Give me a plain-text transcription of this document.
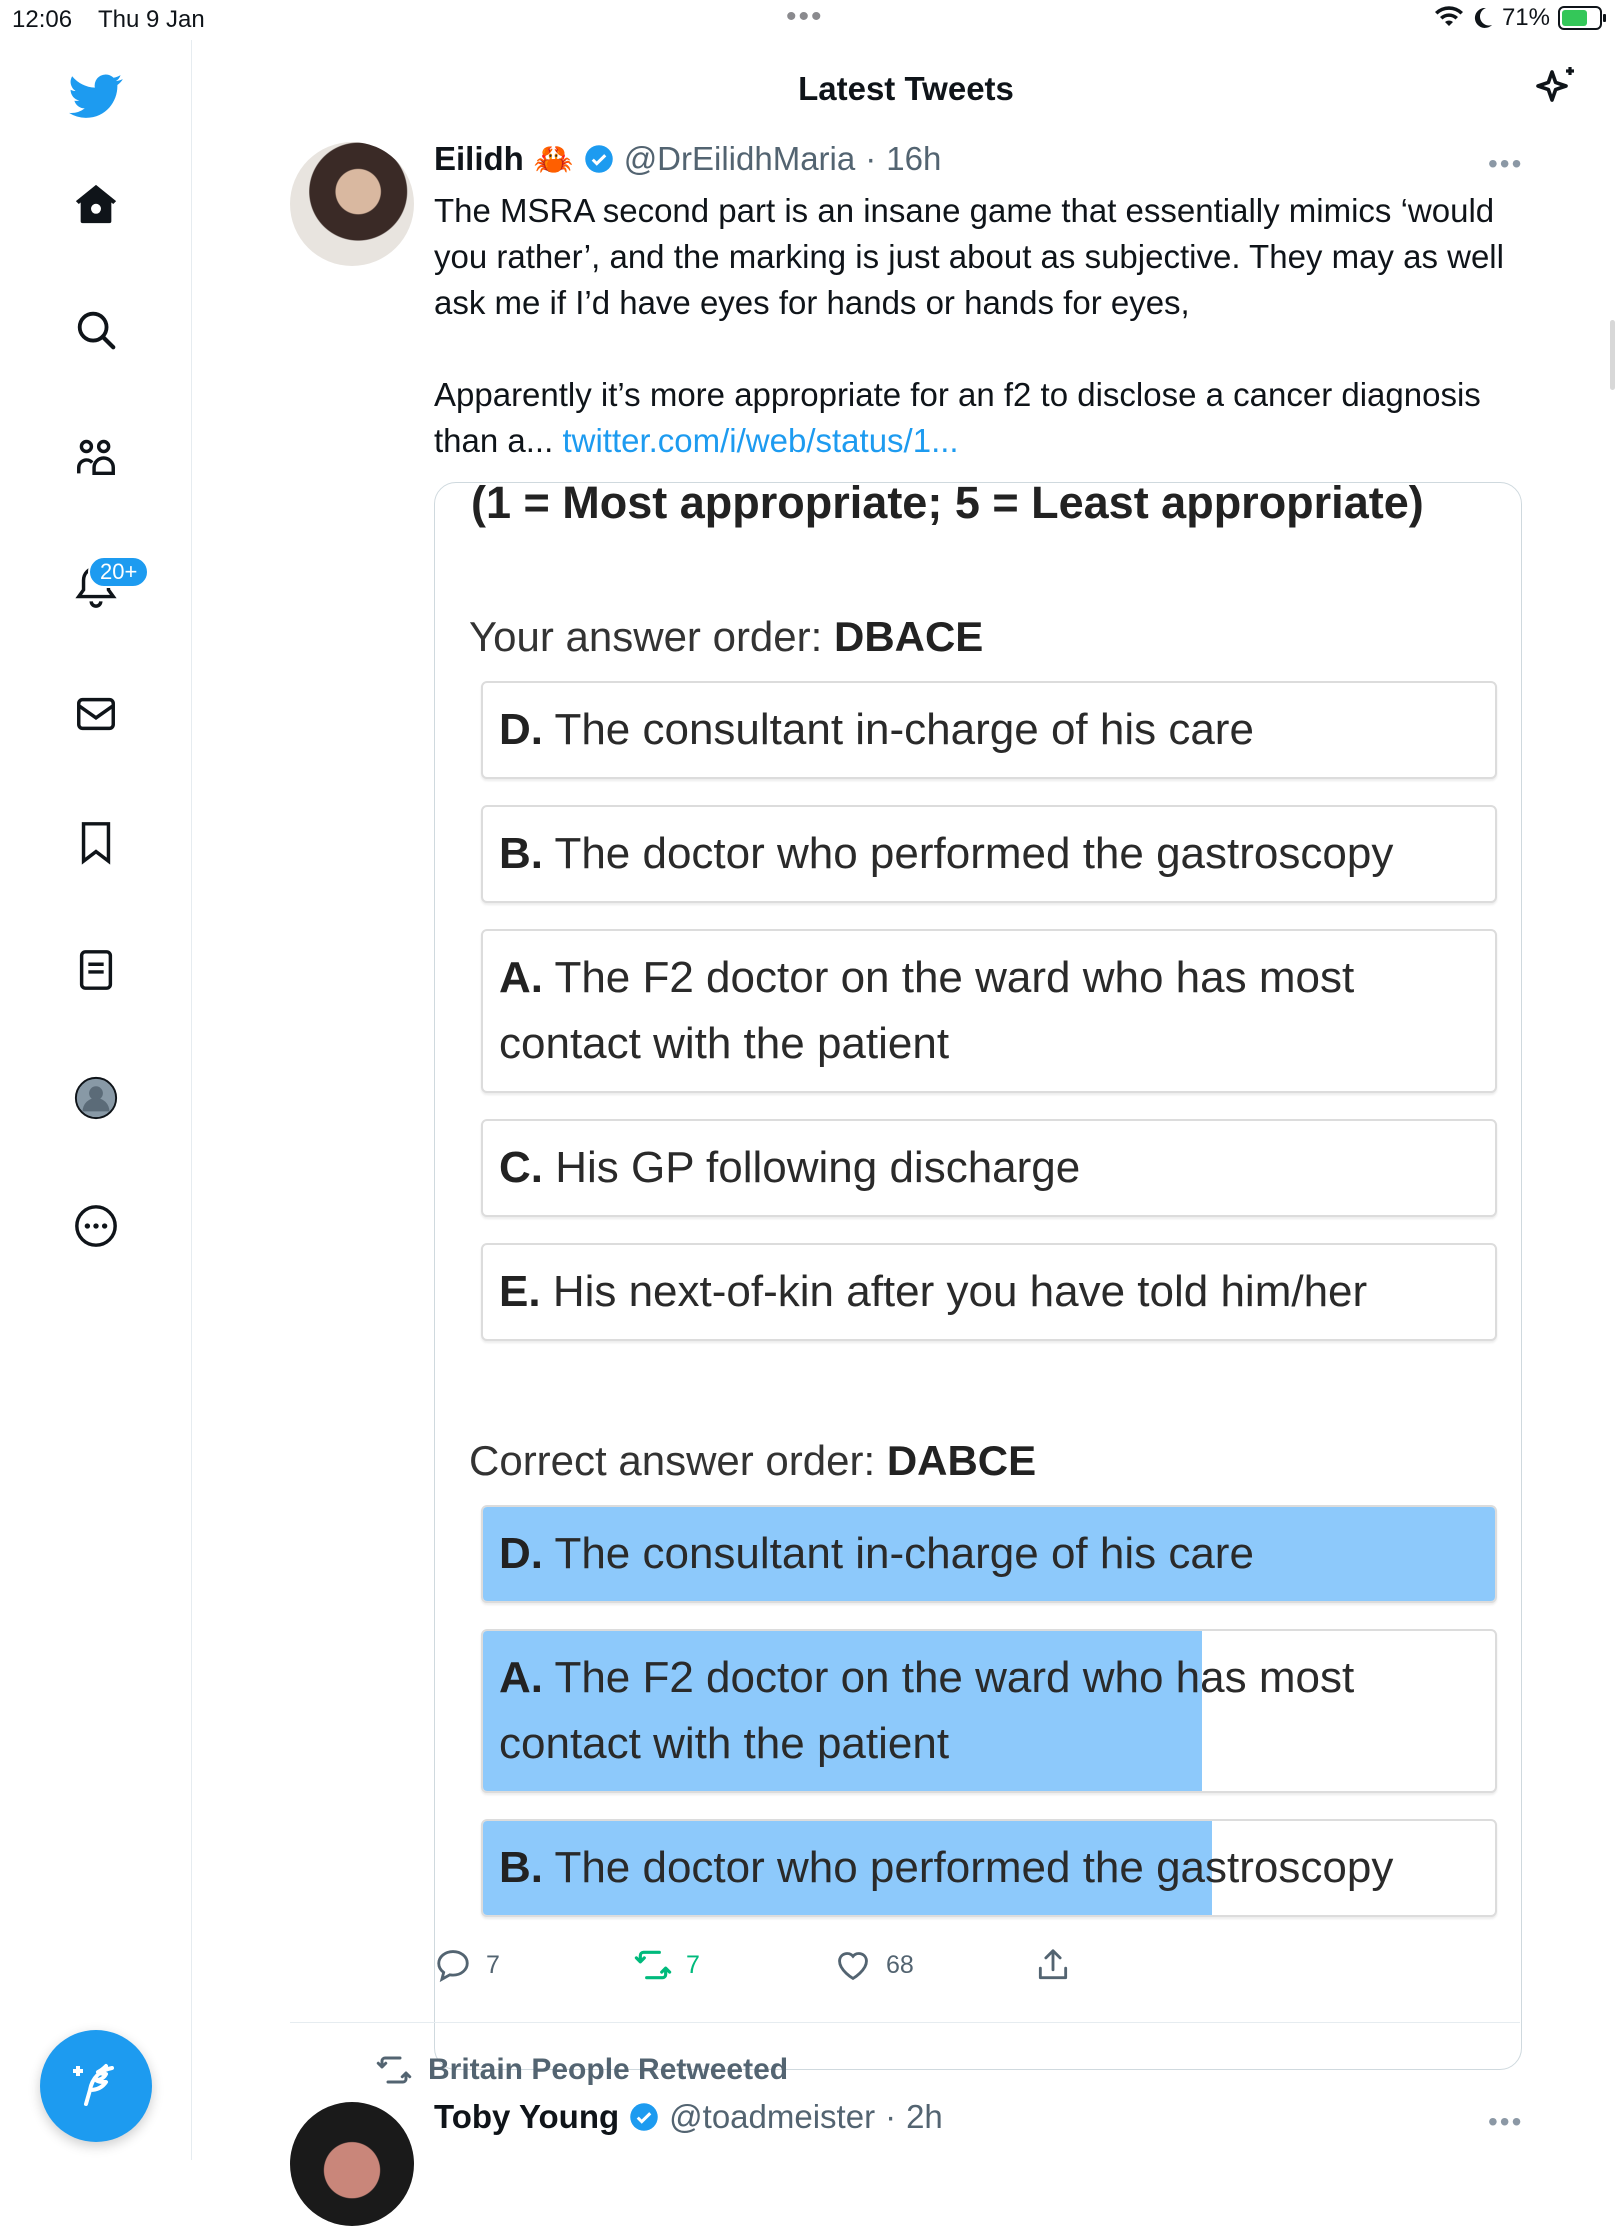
12:06 Thu 9 Jan	•••	71%
20+
Latest Tweets
Eilidh 🦀 @DrEilidhMaria · 16h	•••

The MSRA second part is an insane game that essentially mimics ‘would you rather’, and the marking is just about as subjective. They may as well ask me if I’d have eyes for hands or hands for eyes,

Apparently it’s more appropriate for an f2 to disclose a cancer diagnosis than a... twitter.com/i/web/status/1...

(1 = Most appropriate; 5 = Least appropriate)
Your answer order: DBACE
D. The consultant in-charge of his care
B. The doctor who performed the gastroscopy
A. The F2 doctor on the ward who has most contact with the patient
C. His GP following discharge
E. His next-of-kin after you have told him/her
Correct answer order: DABCE
D. The consultant in-charge of his care
A. The F2 doctor on the ward who has most contact with the patient
B. The doctor who performed the gastroscopy
7	7	68
Britain People Retweeted
Toby Young @toadmeister · 2h	•••
